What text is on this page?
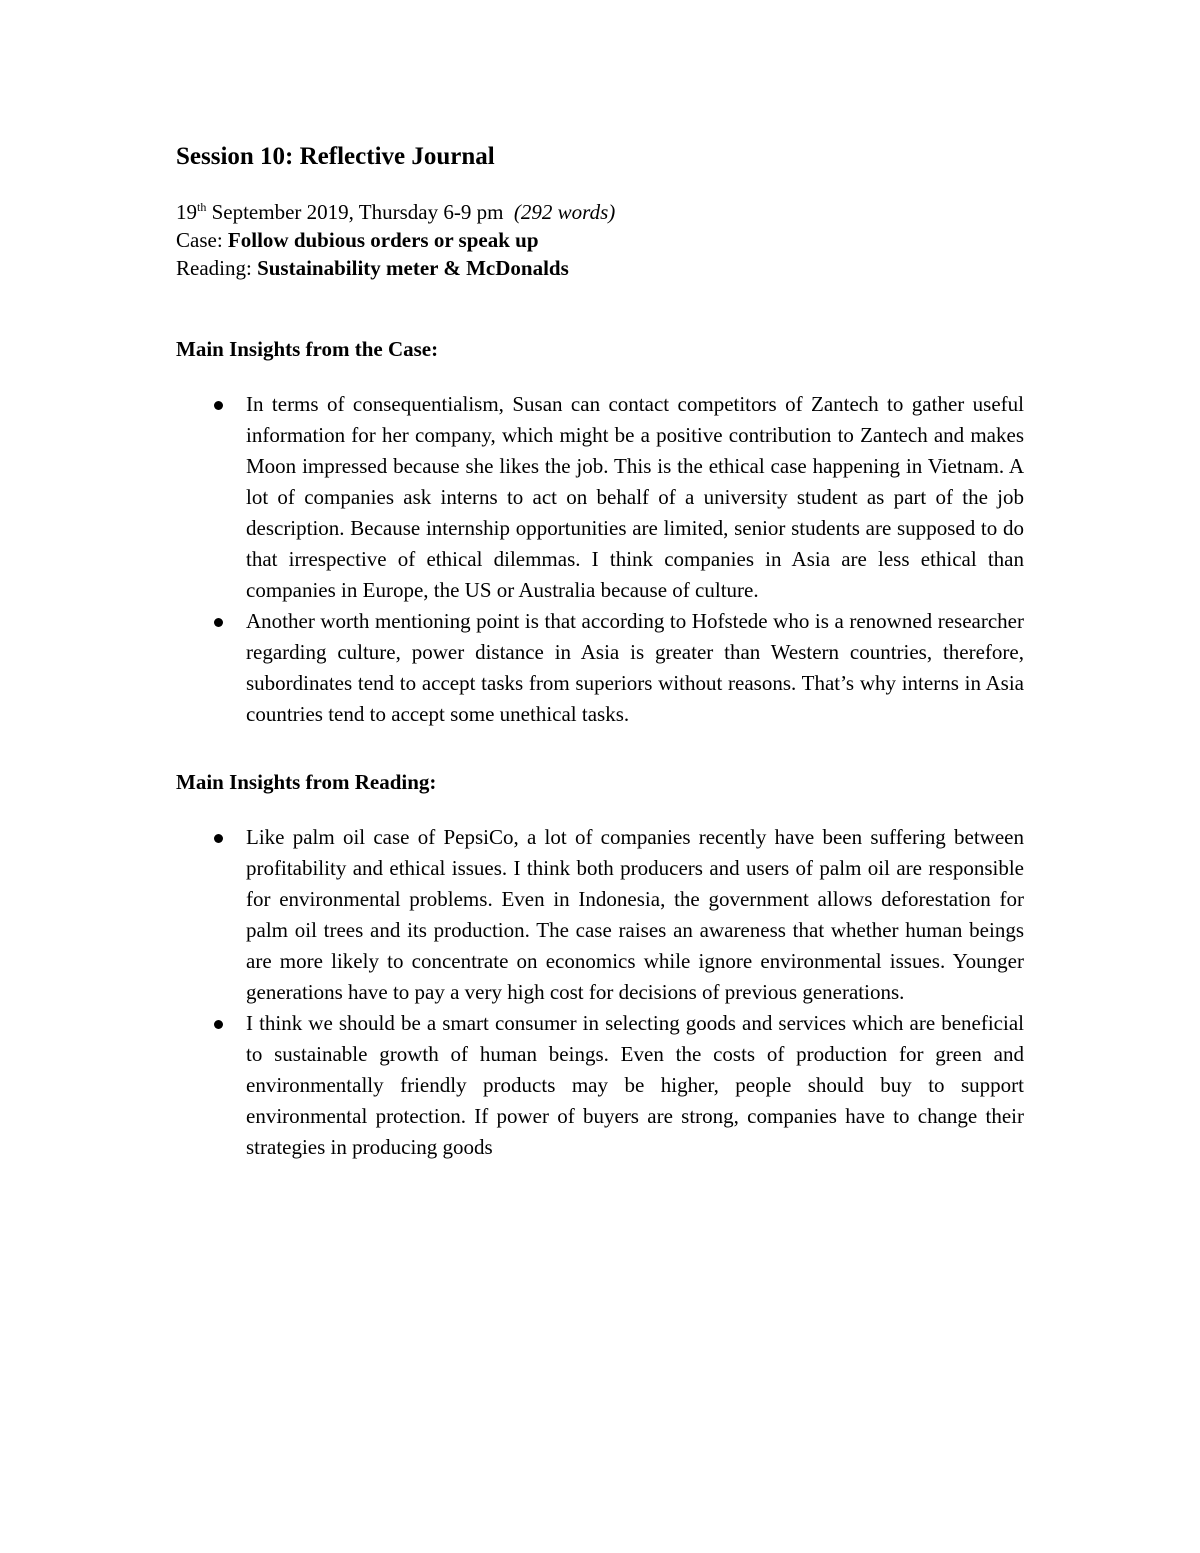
Session 10: Reflective Journal
19th September 2019, Thursday 6-9 pm  (292 words)
Case: Follow dubious orders or speak up
Reading: Sustainability meter & McDonalds
Main Insights from the Case:
In terms of consequentialism, Susan can contact competitors of Zantech to gather useful information for her company, which might be a positive contribution to Zantech and makes Moon impressed because she likes the job. This is the ethical case happening in Vietnam. A lot of companies ask interns to act on behalf of a university student as part of the job description. Because internship opportunities are limited, senior students are supposed to do that irrespective of ethical dilemmas. I think companies in Asia are less ethical than companies in Europe, the US or Australia because of culture.
Another worth mentioning point is that according to Hofstede who is a renowned researcher regarding culture, power distance in Asia is greater than Western countries, therefore, subordinates tend to accept tasks from superiors without reasons. That’s why interns in Asia countries tend to accept some unethical tasks.
Main Insights from Reading:
Like palm oil case of PepsiCo, a lot of companies recently have been suffering between profitability and ethical issues. I think both producers and users of palm oil are responsible for environmental problems. Even in Indonesia, the government allows deforestation for palm oil trees and its production. The case raises an awareness that whether human beings are more likely to concentrate on economics while ignore environmental issues. Younger generations have to pay a very high cost for decisions of previous generations.
I think we should be a smart consumer in selecting goods and services which are beneficial to sustainable growth of human beings. Even the costs of production for green and environmentally friendly products may be higher, people should buy to support environmental protection. If power of buyers are strong, companies have to change their strategies in producing goods
